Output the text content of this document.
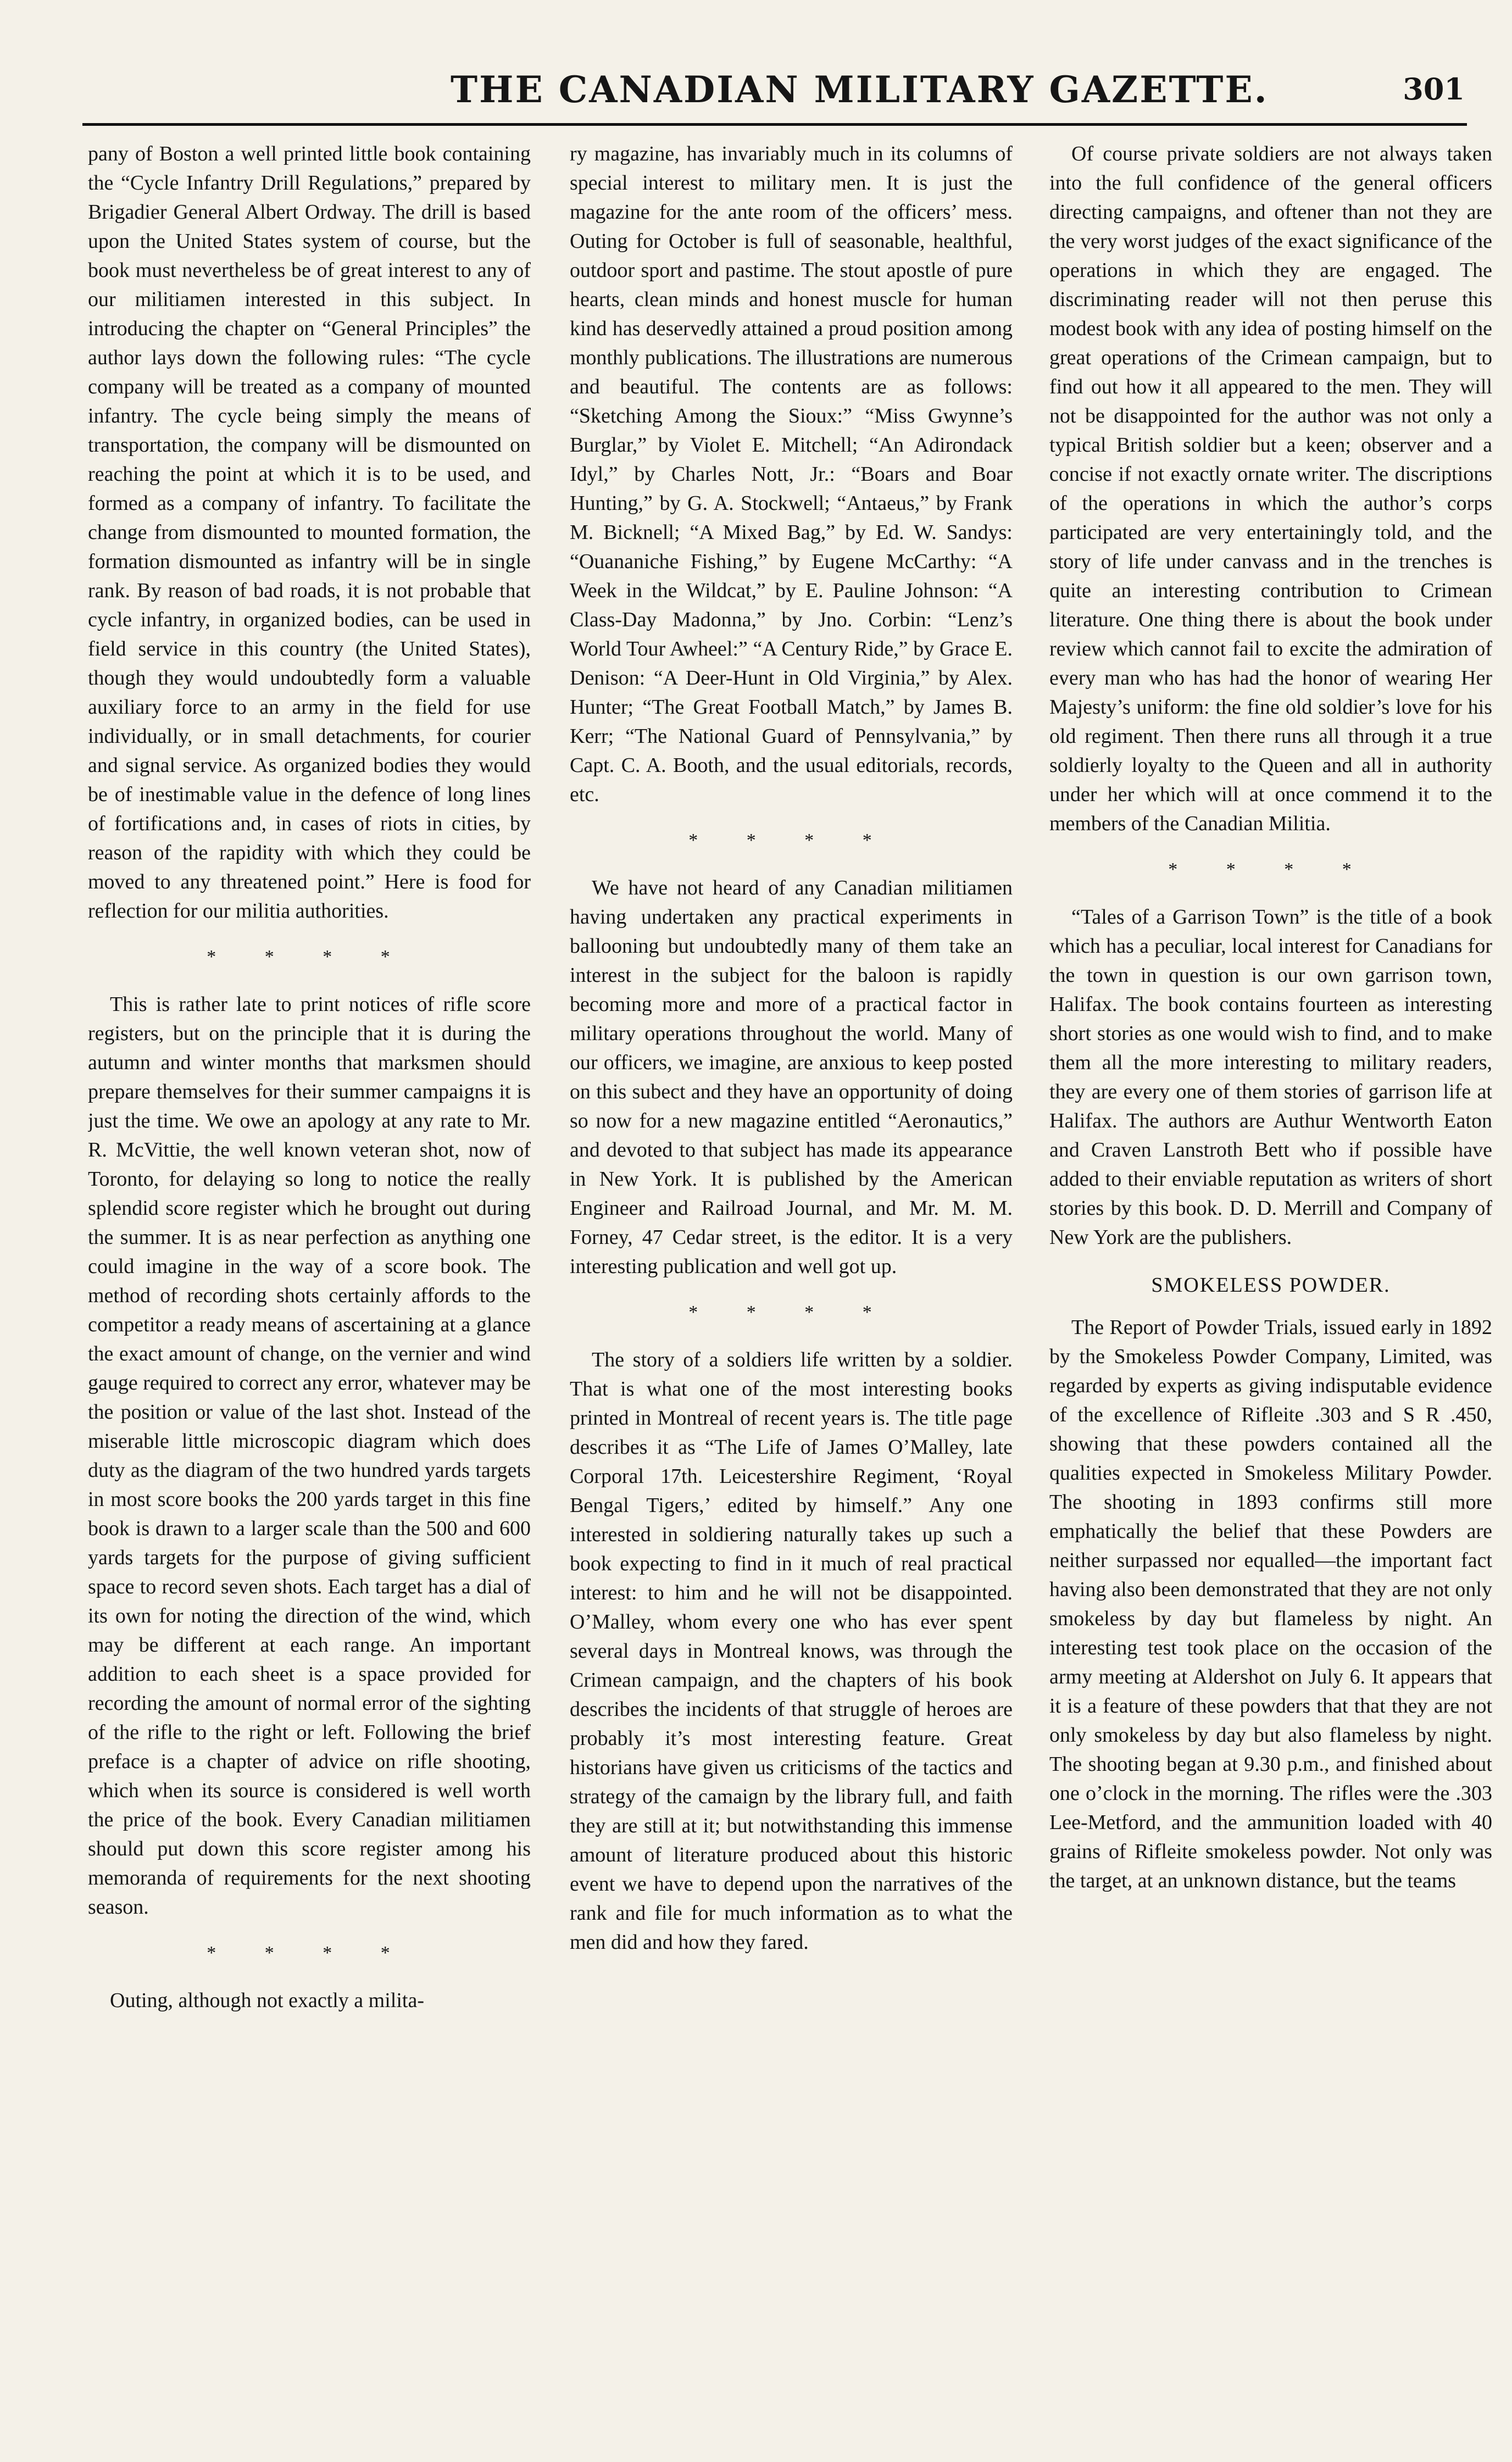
THE CANADIAN MILITARY GAZETTE.	301

pany of Boston a well printed little book containing the “Cycle Infantry Drill Regulations,” prepared by Brigadier General Albert Ordway. The drill is based upon the United States system of course, but the book must nevertheless be of great interest to any of our militiamen interested in this subject. In introducing the chapter on “General Principles” the author lays down the following rules: “The cycle company will be treated as a company of mounted infantry. The cycle being simply the means of transportation, the company will be dismounted on reaching the point at which it is to be used, and formed as a company of infantry. To facilitate the change from dismounted to mounted formation, the formation dismounted as infantry will be in single rank. By reason of bad roads, it is not probable that cycle infantry, in organized bodies, can be used in field service in this country (the United States), though they would undoubtedly form a valuable auxiliary force to an army in the field for use individually, or in small detachments, for courier and signal service. As organized bodies they would be of inestimable value in the defence of long lines of fortifications and, in cases of riots in cities, by reason of the rapidity with which they could be moved to any threatened point.” Here is food for reflection for our militia authorities.

* * * *

This is rather late to print notices of rifle score registers, but on the principle that it is during the autumn and winter months that marksmen should prepare themselves for their summer campaigns it is just the time. We owe an apology at any rate to Mr. R. McVittie, the well known veteran shot, now of Toronto, for delaying so long to notice the really splendid score register which he brought out during the summer. It is as near perfection as anything one could imagine in the way of a score book. The method of recording shots certainly affords to the competitor a ready means of ascertaining at a glance the exact amount of change, on the vernier and wind gauge required to correct any error, whatever may be the position or value of the last shot. Instead of the miserable little microscopic diagram which does duty as the diagram of the two hundred yards targets in most score books the 200 yards target in this fine book is drawn to a larger scale than the 500 and 600 yards targets for the purpose of giving sufficient space to record seven shots. Each target has a dial of its own for noting the direction of the wind, which may be different at each range. An important addition to each sheet is a space provided for recording the amount of normal error of the sighting of the rifle to the right or left. Following the brief preface is a chapter of advice on rifle shooting, which when its source is considered is well worth the price of the book. Every Canadian militiamen should put down this score register among his memoranda of requirements for the next shooting season.

* * * *

Outing, although not exactly a milita-

ry magazine, has invariably much in its columns of special interest to military men. It is just the magazine for the ante room of the officers’ mess. Outing for October is full of seasonable, healthful, outdoor sport and pastime. The stout apostle of pure hearts, clean minds and honest muscle for human kind has deservedly attained a proud position among monthly publications. The illustrations are numerous and beautiful. The contents are as follows: “Sketching Among the Sioux:” “Miss Gwynne’s Burglar,” by Violet E. Mitchell; “An Adirondack Idyl,” by Charles Nott, Jr.: “Boars and Boar Hunting,” by G. A. Stockwell; “Antaeus,” by Frank M. Bicknell; “A Mixed Bag,” by Ed. W. Sandys: “Ouananiche Fishing,” by Eugene McCarthy: “A Week in the Wildcat,” by E. Pauline Johnson: “A Class-Day Madonna,” by Jno. Corbin: “Lenz’s World Tour Awheel:” “A Century Ride,” by Grace E. Denison: “A Deer-Hunt in Old Virginia,” by Alex. Hunter; “The Great Football Match,” by James B. Kerr; “The National Guard of Pennsylvania,” by Capt. C. A. Booth, and the usual editorials, records, etc.

* * * *

We have not heard of any Canadian militiamen having undertaken any practical experiments in ballooning but undoubtedly many of them take an interest in the subject for the baloon is rapidly becoming more and more of a practical factor in military operations throughout the world. Many of our officers, we imagine, are anxious to keep posted on this subect and they have an opportunity of doing so now for a new magazine entitled “Aeronautics,” and devoted to that subject has made its appearance in New York. It is published by the American Engineer and Railroad Journal, and Mr. M. M. Forney, 47 Cedar street, is the editor. It is a very interesting publication and well got up.

* * * *

The story of a soldiers life written by a soldier. That is what one of the most interesting books printed in Montreal of recent years is. The title page describes it as “The Life of James O’Malley, late Corporal 17th. Leicestershire Regiment, ‘Royal Bengal Tigers,’ edited by himself.” Any one interested in soldiering naturally takes up such a book expecting to find in it much of real practical interest: to him and he will not be disappointed. O’Malley, whom every one who has ever spent several days in Montreal knows, was through the Crimean campaign, and the chapters of his book describes the incidents of that struggle of heroes are probably it’s most interesting feature. Great historians have given us criticisms of the tactics and strategy of the camaign by the library full, and faith they are still at it; but notwithstanding this immense amount of literature produced about this historic event we have to depend upon the narratives of the rank and file for much information as to what the men did and how they fared.

Of course private soldiers are not always taken into the full confidence of the general officers directing campaigns, and oftener than not they are the very worst judges of the exact significance of the operations in which they are engaged. The discriminating reader will not then peruse this modest book with any idea of posting himself on the great operations of the Crimean campaign, but to find out how it all appeared to the men. They will not be disappointed for the author was not only a typical British soldier but a keen; observer and a concise if not exactly ornate writer. The discriptions of the operations in which the author’s corps participated are very entertainingly told, and the story of life under canvass and in the trenches is quite an interesting contribution to Crimean literature. One thing there is about the book under review which cannot fail to excite the admiration of every man who has had the honor of wearing Her Majesty’s uniform: the fine old soldier’s love for his old regiment. Then there runs all through it a true soldierly loyalty to the Queen and all in authority under her which will at once commend it to the members of the Canadian Militia.

* * * *

“Tales of a Garrison Town” is the title of a book which has a peculiar, local interest for Canadians for the town in question is our own garrison town, Halifax. The book contains fourteen as interesting short stories as one would wish to find, and to make them all the more interesting to military readers, they are every one of them stories of garrison life at Halifax. The authors are Authur Wentworth Eaton and Craven Lanstroth Bett who if possible have added to their enviable reputation as writers of short stories by this book. D. D. Merrill and Company of New York are the publishers.

SMOKELESS POWDER.

The Report of Powder Trials, issued early in 1892 by the Smokeless Powder Company, Limited, was regarded by experts as giving indisputable evidence of the excellence of Rifleite .303 and S R .450, showing that these powders contained all the qualities expected in Smokeless Military Powder. The shooting in 1893 confirms still more emphatically the belief that these Powders are neither surpassed nor equalled—the important fact having also been demonstrated that they are not only smokeless by day but flameless by night. An interesting test took place on the occasion of the army meeting at Aldershot on July 6. It appears that it is a feature of these powders that that they are not only smokeless by day but also flameless by night. The shooting began at 9.30 p.m., and finished about one o’clock in the morning. The rifles were the .303 Lee-Metford, and the ammunition loaded with 40 grains of Rifleite smokeless powder. Not only was the target, at an unknown distance, but the teams
